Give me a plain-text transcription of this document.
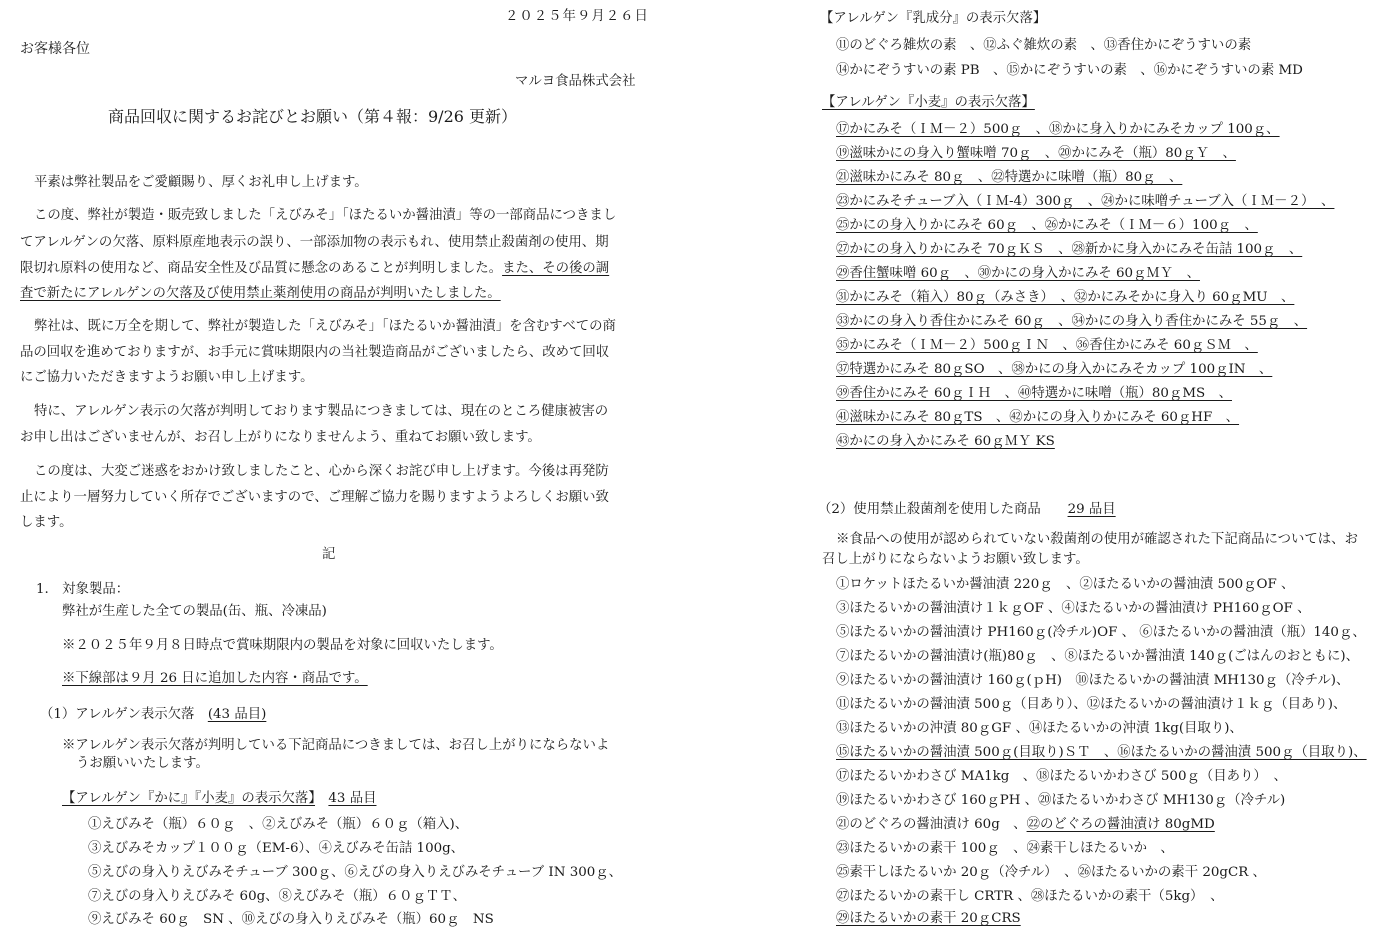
２０２５年９月２６日
お客様各位
マルヨ食品株式会社
商品回収に関するお詫びとお願い（第４報：9/26 更新）
平素は弊社製品をご愛顧賜り、厚くお礼申し上げます。
この度、弊社が製造・販売致しました「えびみそ」「ほたるいか醤油漬」等の一部商品につきまし
てアレルゲンの欠落、原料原産地表示の誤り、一部添加物の表示もれ、使用禁止殺菌剤の使用、期
限切れ原料の使用など、商品安全性及び品質に懸念のあることが判明しました。また、その後の調
査で新たにアレルゲンの欠落及び使用禁止薬剤使用の商品が判明いたしました。
弊社は、既に万全を期して、弊社が製造した「えびみそ」「ほたるいか醤油漬」を含むすべての商
品の回収を進めておりますが、お手元に賞味期限内の当社製造商品がございましたら、改めて回収
にご協力いただきますようお願い申し上げます。
特に、アレルゲン表示の欠落が判明しております製品につきましては、現在のところ健康被害の
お申し出はございませんが、お召し上がりになりませんよう、重ねてお願い致します。
この度は、大変ご迷惑をおかけ致しましたこと、心から深くお詫び申し上げます。今後は再発防
止により一層努力していく所存でございますので、ご理解ご協力を賜りますようよろしくお願い致
します。
記
1.　対象製品：
弊社が生産した全ての製品(缶、瓶、冷凍品)
※２０２５年９月８日時点で賞味期限内の製品を対象に回収いたします。
※下線部は９月 26 日に追加した内容・商品です。
（1）アレルゲン表示欠落　(43 品目)
※アレルゲン表示欠落が判明している下記商品につきましては、お召し上がりにならないよ
うお願いいたします。
【アレルゲン『かに』『小麦』の表示欠落】　 43 品目
①えびみそ（瓶）６０ｇ　、②えびみそ（瓶）６０ｇ（箱入)、
③えびみそカップ１００ｇ（EM‐6）、④えびみそ缶詰 100g、
⑤えびの身入りえびみそチューブ 300ｇ、⑥えびの身入りえびみそチューブ IN 300ｇ、
⑦えびの身入りえびみそ 60g、⑧えびみそ（瓶）６０ｇＴＴ、
⑨えびみそ 60ｇ　SN 、⑩えびの身入りえびみそ（瓶）60ｇ　NS
【アレルゲン『乳成分』の表示欠落】
⑪のどぐろ雑炊の素　、⑫ふぐ雑炊の素　、⑬香住かにぞうすいの素
⑭かにぞうすいの素 PB　、⑮かにぞうすいの素　、⑯かにぞうすいの素 MD
【アレルゲン『小麦』の表示欠落】
⑰かにみそ（ＩＭ－２）500ｇ　、⑱かに身入りかにみそカップ 100ｇ、
⑲滋味かにの身入り蟹味噌 70ｇ　、⑳かにみそ（瓶）80ｇＹ　、
㉑滋味かにみそ 80ｇ　、㉒特選かに味噌（瓶）80ｇ　、
㉓かにみそチューブ入（ＩＭ-4）300ｇ　、㉔かに味噌チューブ入（ＩＭ－２）　、
㉕かにの身入りかにみそ 60ｇ　、㉖かにみそ（ＩＭ－６）100ｇ　、
㉗かにの身入りかにみそ 70ｇＫＳ　、㉘新かに身入かにみそ缶詰 100ｇ　、
㉙香住蟹味噌 60ｇ　、㉚かにの身入かにみそ 60ｇＭＹ　、
㉛かにみそ（箱入）80ｇ（みさき）　、㉜かにみそかに身入り 60ｇMU　、
㉝かにの身入り香住かにみそ 60ｇ　、㉞かにの身入り香住かにみそ 55ｇ　、
㉟かにみそ（ＩＭ－２）500ｇＩＮ　、㊱香住かにみそ 60ｇＳＭ　、
㊲特選かにみそ 80ｇSO　、㊳かにの身入かにみそカップ 100ｇIN　、
㊴香住かにみそ 60ｇＩＨ　、㊵特選かに味噌（瓶）80ｇMS　、
㊶滋味かにみそ 80ｇTS　、㊷かにの身入りかにみそ 60ｇHF　、
㊸かにの身入かにみそ 60ｇＭＹ KS
（2）使用禁止殺菌剤を使用した商品　　29 品目
※食品への使用が認められていない殺菌剤の使用が確認された下記商品については、お
召し上がりにならないようお願い致します。
①ロケットほたるいか醤油漬 220ｇ　、②ほたるいかの醤油漬 500ｇOF 、
③ほたるいかの醤油漬け１ｋｇOF 、④ほたるいかの醤油漬け PH160ｇOF 、
⑤ほたるいかの醤油漬け PH160ｇ(冷チル)OF 、 ⑥ほたるいかの醤油漬（瓶）140ｇ、
⑦ほたるいかの醤油漬け(瓶)80ｇ　、⑧ほたるいか醤油漬 140ｇ(ごはんのおともに)、
⑨ほたるいかの醤油漬け 160ｇ(ｐH)　⑩ほたるいかの醤油漬 MH130ｇ（冷チル)、
⑪ほたるいかの醤油漬 500ｇ（目あり）、⑫ほたるいかの醤油漬け１ｋｇ（目あり)、
⑬ほたるいかの沖漬 80ｇGF 、⑭ほたるいかの沖漬 1kg(目取り)、
⑮ほたるいかの醤油漬 500ｇ(目取り)ＳＴ　、⑯ほたるいかの醤油漬 500ｇ（目取り)、
⑰ほたるいかわさび MA1kg　、⑱ほたるいかわさび 500ｇ（目あり）　、
⑲ほたるいかわさび 160ｇPH 、⑳ほたるいかわさび MH130ｇ（冷チル)
㉑のどぐろの醤油漬け 60g　、㉒のどぐろの醤油漬け 80gMD
㉓ほたるいかの素干 100ｇ　、㉔素干しほたるいか　、
㉕素干しほたるいか 20ｇ（冷チル）　、㉖ほたるいかの素干 20gCR 、
㉗ほたるいかの素干し CRTR 、㉘ほたるいかの素干（5kg）　、
㉙ほたるいかの素干 20ｇCRS
